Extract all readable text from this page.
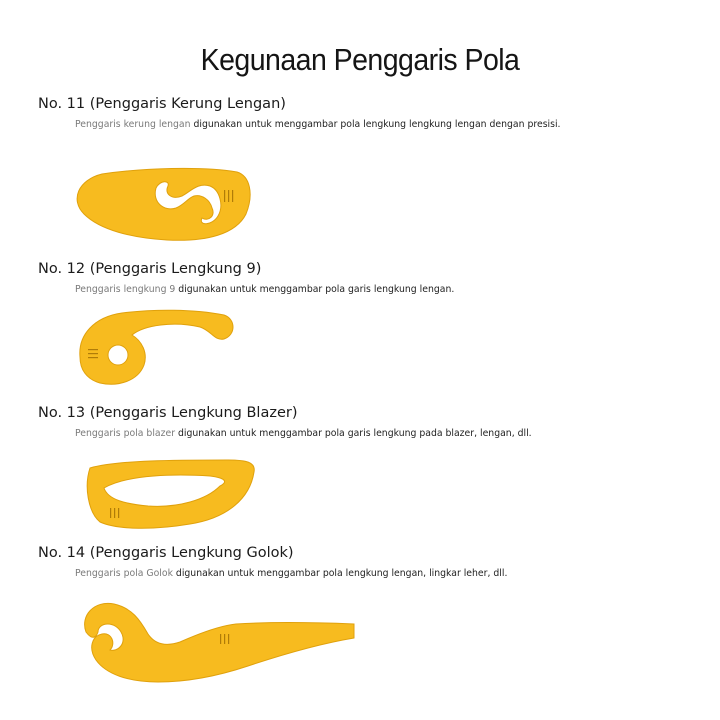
Kegunaan Penggaris Pola

No. 11 (Penggaris Kerung Lengan)

Penggaris kerung lengan digunakan untuk menggambar pola lengkung lengkung lengan dengan presisi.

No. 12 (Penggaris Lengkung 9)

Penggaris lengkung 9 digunakan untuk menggambar pola garis lengkung lengan.

No. 13 (Penggaris Lengkung Blazer)

Penggaris pola blazer digunakan untuk menggambar pola garis lengkung pada blazer, lengan, dll.

No. 14 (Penggaris Lengkung Golok)

Penggaris pola Golok digunakan untuk menggambar pola lengkung lengan, lingkar leher, dll.
